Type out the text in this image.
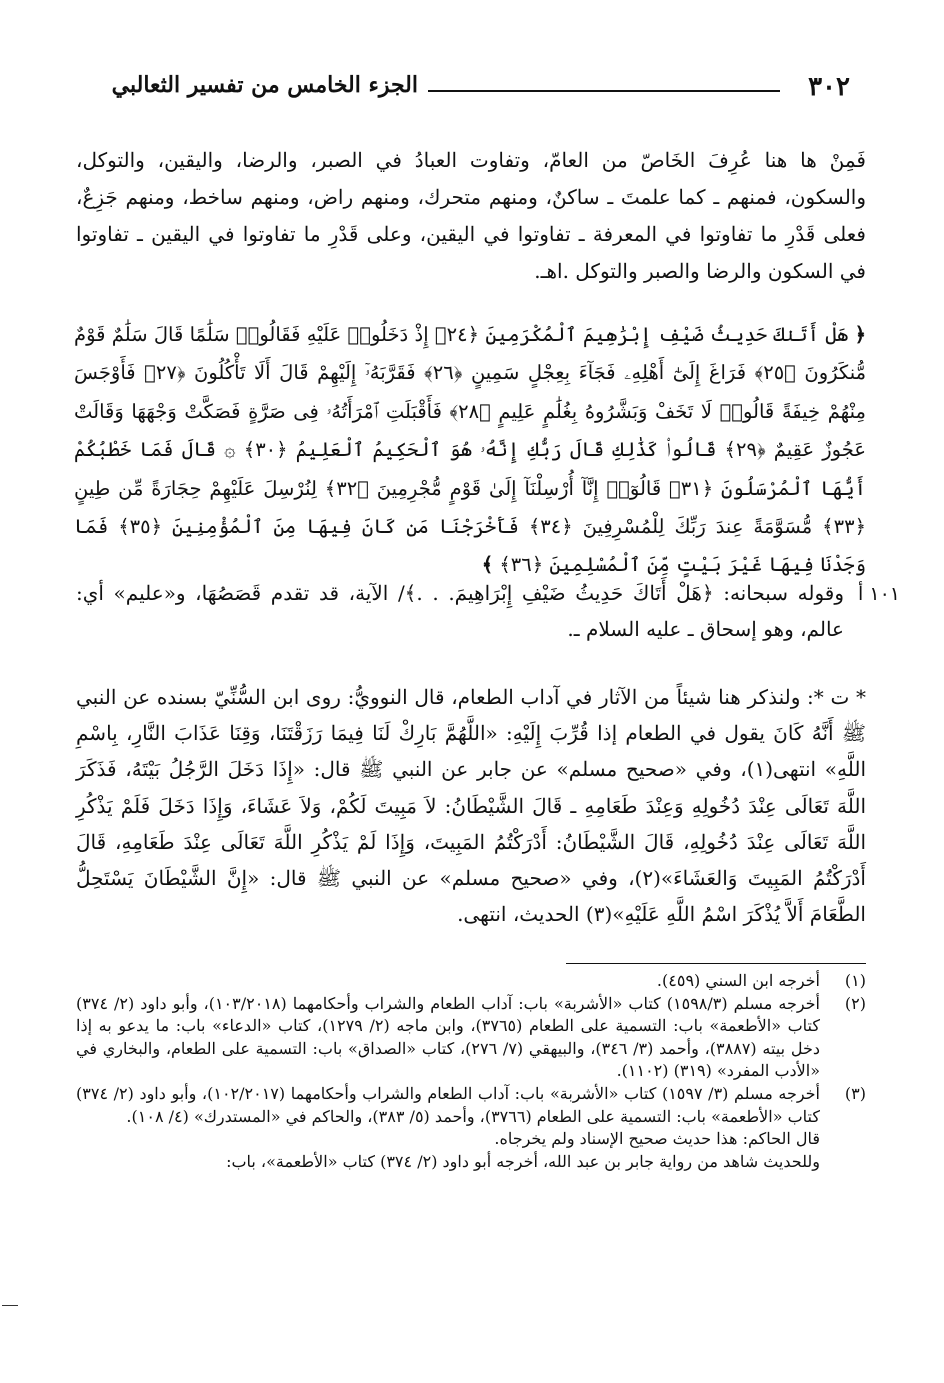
٣٠٢
الجزء الخامس من تفسير الثعالبي
فَمِنْ ها هنا عُرِفَ الخَاصّ من العامّ، وتفاوت العبادُ في الصبر، والرضا، واليقين، والتوكل، والسكون، فمنهم ـ كما علمتَ ـ ساكنٌ، ومنهم متحرك، ومنهم راض، ومنهم ساخط، ومنهم جَزِعٌ، فعلى قَدْرِ ما تفاوتوا في المعرفة ـ تفاوتوا في اليقين، وعلى قَدْرِ ما تفاوتوا في اليقين ـ تفاوتوا في السكون والرضا والصبر والتوكل .اهـ.
﴿ هَلْ أَتَنٰكَ حَدِيثُ ضَيْفِ إِبْرَٰهِيمَ ٱلْمُكْرَمِينَ ﴿٢٤﴾ إِذْ دَخَلُوا۟ عَلَيْهِ فَقَالُوا۟ سَلَٰمًا قَالَ سَلَٰمٌ قَوْمٌ مُّنكَرُونَ ﴿٢٥﴾ فَرَاغَ إِلَىٰٓ أَهْلِهِۦ فَجَآءَ بِعِجْلٍ سَمِينٍ ﴿٢٦﴾ فَقَرَّبَهُۥٓ إِلَيْهِمْ قَالَ أَلَا تَأْكُلُونَ ﴿٢٧﴾ فَأَوْجَسَ مِنْهُمْ خِيفَةً قَالُوا۟ لَا تَخَفْ وَبَشَّرُوهُ بِغُلَٰمٍ عَلِيمٍ ﴿٢٨﴾ فَأَقْبَلَتِ ٱمْرَأَتُهُۥ فِى صَرَّةٍ فَصَكَّتْ وَجْهَهَا وَقَالَتْ عَجُوزٌ عَقِيمٌ ﴿٢٩﴾ قَالُوا۟ كَذَٰلِكِ قَالَ رَبُّكِ إِنَّهُۥ هُوَ ٱلْحَكِيمُ ٱلْعَلِيمُ ﴿٣٠﴾ ۞ قَالَ فَمَا خَطْبُكُمْ أَيُّهَا ٱلْمُرْسَلُونَ ﴿٣١﴾ قَالُوٓا۟ إِنَّآ أُرْسِلْنَآ إِلَىٰ قَوْمٍ مُّجْرِمِينَ ﴿٣٢﴾ لِنُرْسِلَ عَلَيْهِمْ حِجَارَةً مِّن طِينٍ ﴿٣٣﴾ مُّسَوَّمَةً عِندَ رَبِّكَ لِلْمُسْرِفِينَ ﴿٣٤﴾ فَأَخْرَجْنَا مَن كَانَ فِيهَا مِنَ ٱلْمُؤْمِنِينَ ﴿٣٥﴾ فَمَا وَجَدْنَا فِيهَا غَيْرَ بَيْتٍ مِّنَ ٱلْمُسْلِمِينَ ﴿٣٦﴾ ﴾
١٠١ أ
وقوله سبحانه: ﴿هَلْ أَتَاكَ حَدِيثُ ضَيْفِ إِبْرَاهِيمَ. . .﴾/ الآية، قد تقدم قَصَصُهَا، و«عليم» أي: عالم، وهو إسحاق ـ عليه السلام ـ.
* ت *: ولنذكر هنا شيئاً من الآثار في آداب الطعام، قال النوويُّ: روى ابن السُّنِّيّ بسنده عن النبي ﷺ أَنَّهُ كَانَ يقول في الطعام إذا قُرِّبَ إِلَيْهِ: «اللَّهُمَّ بَارِكْ لَنَا فِيمَا رَزَقْتَنَا، وَقِنَا عَذَابَ النَّارِ، بِاسْمِ اللَّهِ» انتهى(١)، وفي «صحيح مسلم» عن جابر عن النبي ﷺ قال: «إِذَا دَخَلَ الرَّجُلُ بَيْتَهُ، فَذَكَرَ اللَّهَ تَعَالَى عِنْدَ دُخُولِهِ وَعِنْدَ طَعَامِهِ ـ قَالَ الشَّيْطَانُ: لاَ مَبِيتَ لَكُمْ، وَلاَ عَشَاءَ، وَإِذَا دَخَلَ فَلَمْ يَذْكُرِ اللَّهَ تَعَالَى عِنْدَ دُخُولِهِ، قَالَ الشَّيْطَانُ: أَدْرَكْتُمُ المَبِيتَ، وَإِذَا لَمْ يَذْكُرِ اللَّهَ تَعَالَى عِنْدَ طَعَامِهِ، قَالَ أَدْرَكْتُمُ المَبِيتَ وَالعَشَاءَ»(٢)، وفي «صحيح مسلم» عن النبي ﷺ قال: «إِنَّ الشَّيْطَانَ يَسْتَحِلُّ الطَّعَامَ أَلاَّ يُذْكَرَ اسْمُ اللَّهِ عَلَيْهِ»(٣) الحديث، انتهى.
(١)
أخرجه ابن السني (٤٥٩).
(٢)
أخرجه مسلم (١٥٩٨/٣) كتاب «الأشربة» باب: آداب الطعام والشراب وأحكامهما (١٠٣/٢٠١٨)، وأبو داود (٢/ ٣٧٤) كتاب «الأطعمة» باب: التسمية على الطعام (٣٧٦٥)، وابن ماجه (٢/ ١٢٧٩)، كتاب «الدعاء» باب: ما يدعو به إذا دخل بيته (٣٨٨٧)، وأحمد (٣/ ٣٤٦)، والبيهقي (٧/ ٢٧٦)، كتاب «الصداق» باب: التسمية على الطعام، والبخاري في «الأدب المفرد» (٣١٩) (١١٠٢).
(٣)
أخرجه مسلم (٣/ ١٥٩٧) كتاب «الأشربة» باب: آداب الطعام والشراب وأحكامهما (١٠٢/٢٠١٧)، وأبو داود (٢/ ٣٧٤) كتاب «الأطعمة» باب: التسمية على الطعام (٣٧٦٦)، وأحمد (٥/ ٣٨٣)، والحاكم في «المستدرك» (٤/ ١٠٨).
قال الحاكم: هذا حديث صحيح الإسناد ولم يخرجاه.
وللحديث شاهد من رواية جابر بن عبد الله، أخرجه أبو داود (٢/ ٣٧٤) كتاب «الأطعمة»، باب:
